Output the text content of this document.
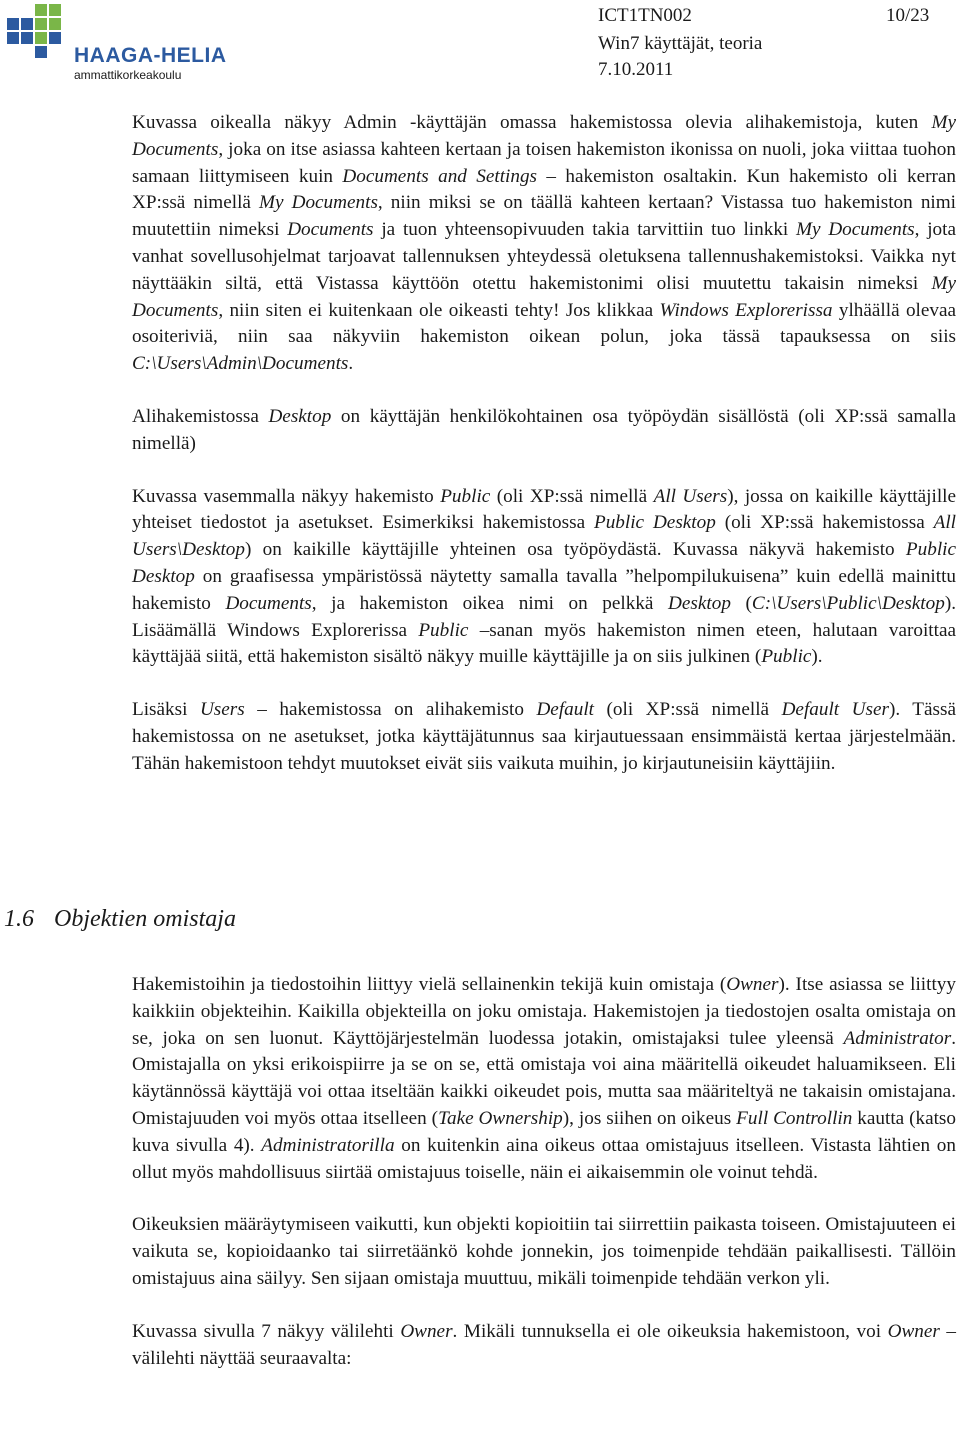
HAAGA-HELIA
ammattikorkeakoulu
ICT1TN002	10/23
Win7 käyttäjät, teoria
7.10.2011

Kuvassa oikealla näkyy Admin -käyttäjän omassa hakemistossa olevia alihakemistoja, kuten My Documents, joka on itse asiassa kahteen kertaan ja toisen hakemiston ikonissa on nuoli, joka viittaa tuohon samaan liittymiseen kuin Documents and Settings – hakemiston osaltakin. Kun hakemisto oli kerran XP:ssä nimellä My Documents, niin miksi se on täällä kahteen kertaan? Vistassa tuo hakemiston nimi muutettiin nimeksi Documents ja tuon yhteensopivuuden takia tarvittiin tuo linkki My Documents, jota vanhat sovellusohjelmat tarjoavat tallennuksen yhteydessä oletuksena tallennushakemistoksi. Vaikka nyt näyttääkin siltä, että Vistassa käyttöön otettu hakemistonimi olisi muutettu takaisin nimeksi My Documents, niin siten ei kuitenkaan ole oikeasti tehty! Jos klikkaa Windows Explorerissa ylhäällä olevaa osoiteriviä, niin saa näkyviin hakemiston oikean polun, joka tässä tapauksessa on siis C:\Users\Admin\Documents.

Alihakemistossa Desktop on käyttäjän henkilökohtainen osa työpöydän sisällöstä (oli XP:ssä samalla nimellä)

Kuvassa vasemmalla näkyy hakemisto Public (oli XP:ssä nimellä All Users), jossa on kaikille käyttäjille yhteiset tiedostot ja asetukset. Esimerkiksi hakemistossa Public Desktop (oli XP:ssä hakemistossa All Users\Desktop) on kaikille käyttäjille yhteinen osa työpöydästä. Kuvassa näkyvä hakemisto Public Desktop on graafisessa ympäristössä näytetty samalla tavalla ”helpompilukuisena” kuin edellä mainittu hakemisto Documents, ja hakemiston oikea nimi on pelkkä Desktop (C:\Users\Public\Desktop). Lisäämällä Windows Explorerissa Public –sanan myös hakemiston nimen eteen, halutaan varoittaa käyttäjää siitä, että hakemiston sisältö näkyy muille käyttäjille ja on siis julkinen (Public).

Lisäksi Users – hakemistossa on alihakemisto Default (oli XP:ssä nimellä Default User). Tässä hakemistossa on ne asetukset, jotka käyttäjätunnus saa kirjautuessaan ensimmäistä kertaa järjestelmään. Tähän hakemistoon tehdyt muutokset eivät siis vaikuta muihin, jo kirjautuneisiin käyttäjiin.

1.6 Objektien omistaja

Hakemistoihin ja tiedostoihin liittyy vielä sellainenkin tekijä kuin omistaja (Owner). Itse asiassa se liittyy kaikkiin objekteihin. Kaikilla objekteilla on joku omistaja. Hakemistojen ja tiedostojen osalta omistaja on se, joka on sen luonut. Käyttöjärjestelmän luodessa jotakin, omistajaksi tulee yleensä Administrator. Omistajalla on yksi erikoispiirre ja se on se, että omistaja voi aina määritellä oikeudet haluamikseen. Eli käytännössä käyttäjä voi ottaa itseltään kaikki oikeudet pois, mutta saa määriteltyä ne takaisin omistajana. Omistajuuden voi myös ottaa itselleen (Take Ownership), jos siihen on oikeus Full Controllin kautta (katso kuva sivulla 4). Administratorilla on kuitenkin aina oikeus ottaa omistajuus itselleen. Vistasta lähtien on ollut myös mahdollisuus siirtää omistajuus toiselle, näin ei aikaisemmin ole voinut tehdä.

Oikeuksien määräytymiseen vaikutti, kun objekti kopioitiin tai siirrettiin paikasta toiseen. Omistajuuteen ei vaikuta se, kopioidaanko tai siirretäänkö kohde jonnekin, jos toimenpide tehdään paikallisesti. Tällöin omistajuus aina säilyy. Sen sijaan omistaja muuttuu, mikäli toimenpide tehdään verkon yli.

Kuvassa sivulla 7 näkyy välilehti Owner. Mikäli tunnuksella ei ole oikeuksia hakemistoon, voi Owner – välilehti näyttää seuraavalta:
